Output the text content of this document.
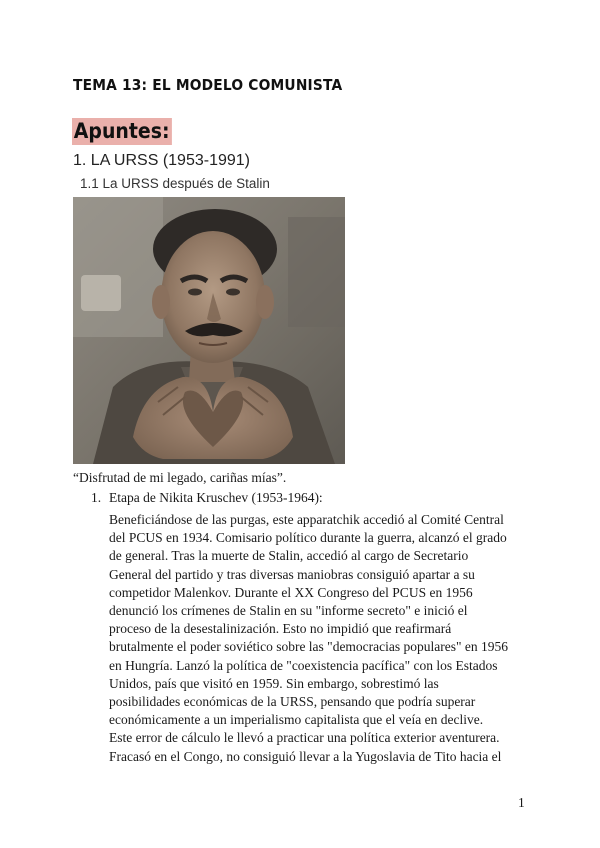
TEMA 13: EL MODELO COMUNISTA
Apuntes:
1. LA URSS (1953-1991)
1.1 La URSS después de Stalin
“Disfrutad de mi legado, cariñas mías”.
1. Etapa de Nikita Kruschev (1953-1964):
Beneficiándose de las purgas, este apparatchik accedió al Comité Central
del PCUS en 1934. Comisario político durante la guerra, alcanzó el grado
de general. Tras la muerte de Stalin, accedió al cargo de Secretario
General del partido y tras diversas maniobras consiguió apartar a su
competidor Malenkov. Durante el XX Congreso del PCUS en 1956
denunció los crímenes de Stalin en su "informe secreto" e inició el
proceso de la desestalinización. Esto no impidió que reafirmará
brutalmente el poder soviético sobre las "democracias populares" en 1956
en Hungría. Lanzó la política de "coexistencia pacífica" con los Estados
Unidos, país que visitó en 1959. Sin embargo, sobrestimó las
posibilidades económicas de la URSS, pensando que podría superar
económicamente a un imperialismo capitalista que el veía en declive.
Este error de cálculo le llevó a practicar una política exterior aventurera.
Fracasó en el Congo, no consiguió llevar a la Yugoslavia de Tito hacia el
1
